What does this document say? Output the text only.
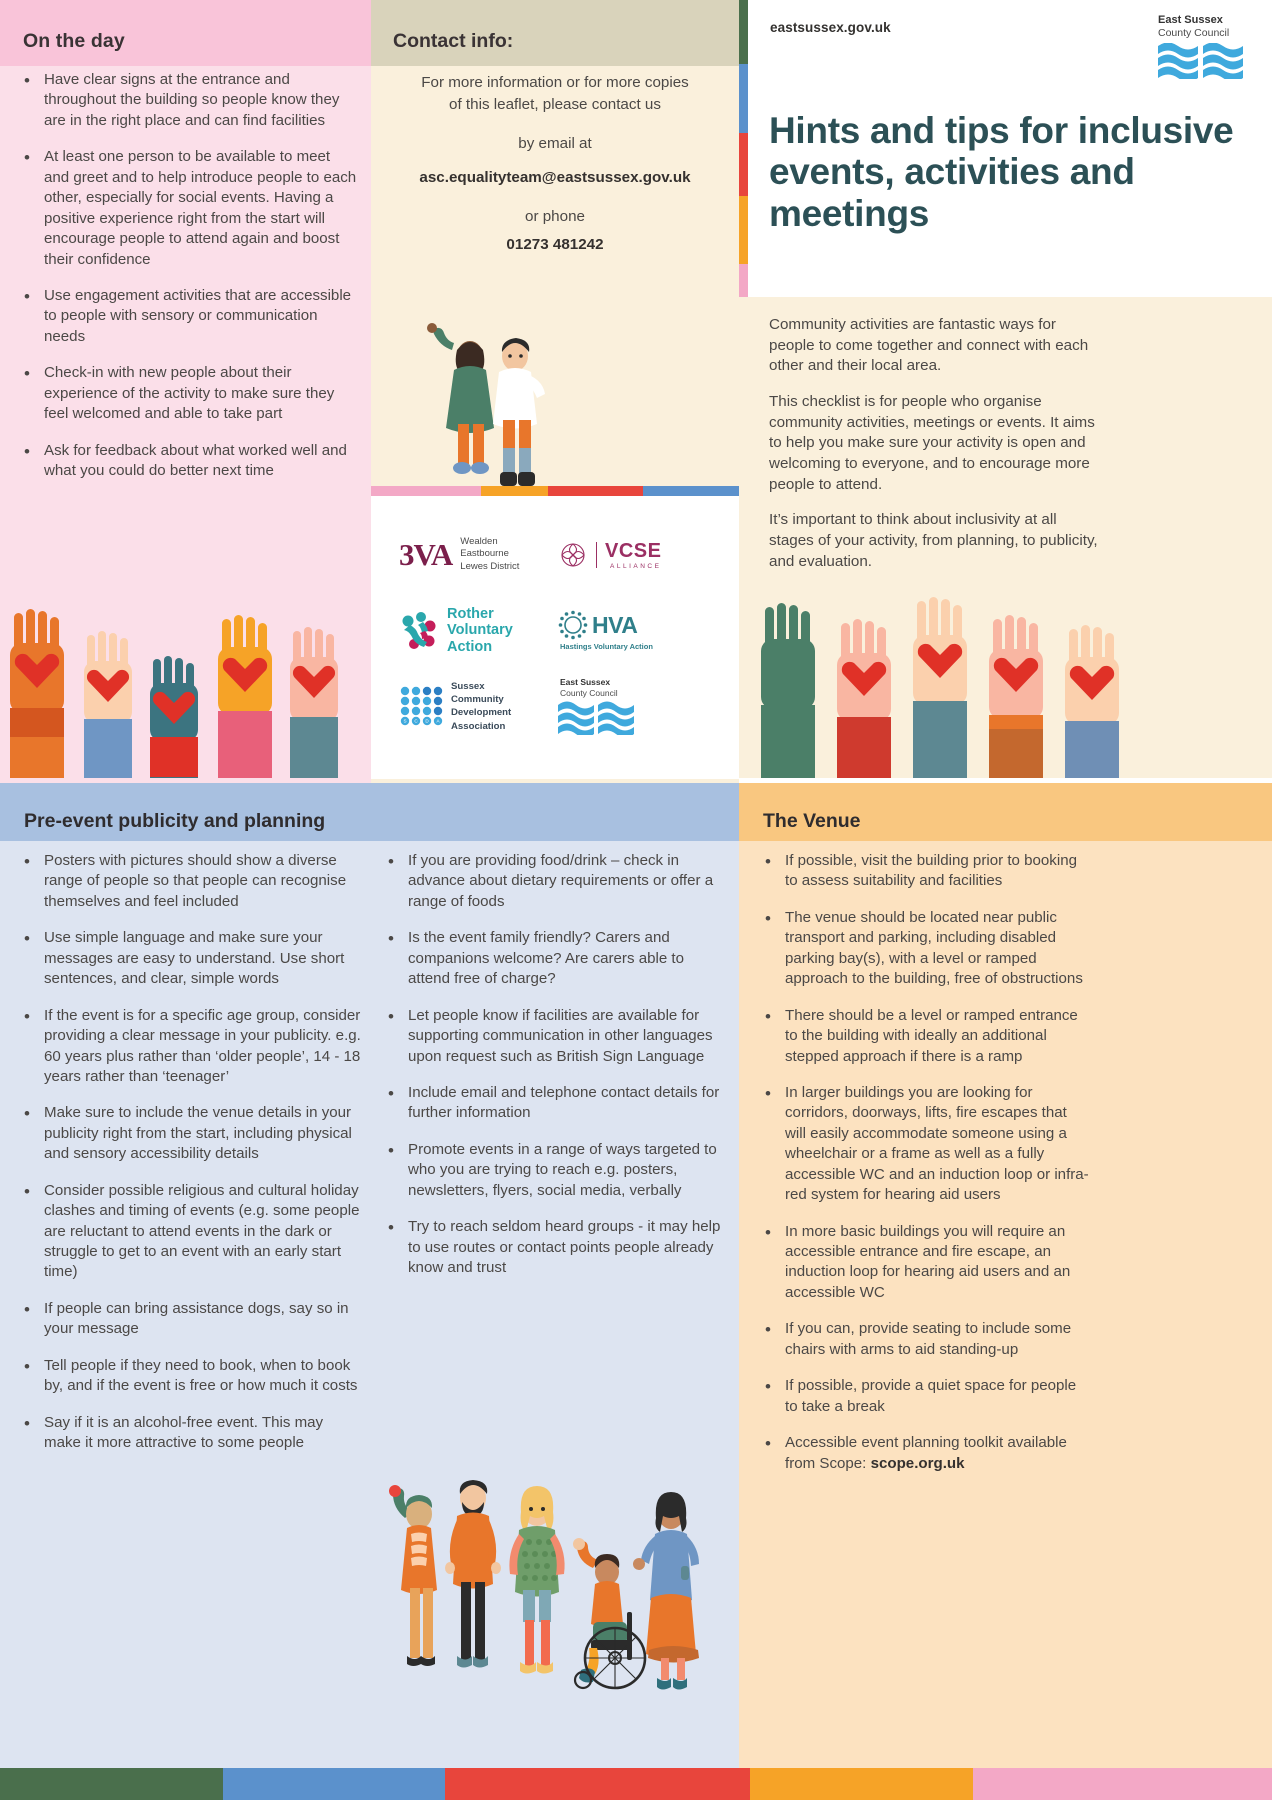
On the day
• Have clear signs at the entrance and throughout the building so people know they are in the right place and can find facilities
• At least one person to be available to meet and greet and to help introduce people to each other, especially for social events. Having a positive experience right from the start will encourage people to attend again and boost their confidence
• Use engagement activities that are accessible to people with sensory or communication needs
• Check-in with new people about their experience of the activity to make sure they feel welcomed and able to take part
• Ask for feedback about what worked well and what you could do better next time
Contact info:

For more information or for more copies

of this leaflet, please contact us

by email at

asc.equalityteam@eastsussex.gov.uk

or phone

01273 481242

3VA Wealden
Eastbourne
Lewes District
VCSE
ALLIANCE
Rother
Voluntary
Action
HVA
Hastings Voluntary Action
S C D A
Sussex
Community
Development
Association
East Sussex
County Council
eastsussex.gov.uk	East Sussex
County Council
Hints and tips for inclusive events, activities and meetings

Community activities are fantastic ways for people to come together and connect with each other and their local area.

This checklist is for people who organise community activities, meetings or events. It aims to help you make sure your activity is open and welcoming to everyone, and to encourage more people to attend.

It’s important to think about inclusivity at all stages of your activity, from planning, to publicity, and evaluation.

Pre-event publicity and planning
• Posters with pictures should show a diverse range of people so that people can recognise themselves and feel included
• Use simple language and make sure your messages are easy to understand. Use short sentences, and clear, simple words
• If the event is for a specific age group, consider providing a clear message in your publicity. e.g. 60 years plus rather than ‘older people’, 14 - 18 years rather than ‘teenager’
• Make sure to include the venue details in your publicity right from the start, including physical and sensory accessibility details
• Consider possible religious and cultural holiday clashes and timing of events (e.g. some people are reluctant to attend events in the dark or struggle to get to an event with an early start time)
• If people can bring assistance dogs, say so in your message
• Tell people if they need to book, when to book by, and if the event is free or how much it costs
• Say if it is an alcohol-free event. This may make it more attractive to some people
• If you are providing food/drink – check in advance about dietary requirements or offer a range of foods
• Is the event family friendly? Carers and companions welcome? Are carers able to attend free of charge?
• Let people know if facilities are available for supporting communication in other languages upon request such as British Sign Language
• Include email and telephone contact details for further information
• Promote events in a range of ways targeted to who you are trying to reach e.g. posters, newsletters, flyers, social media, verbally
• Try to reach seldom heard groups - it may help to use routes or contact points people already know and trust
The Venue
• If possible, visit the building prior to booking to assess suitability and facilities
• The venue should be located near public transport and parking, including disabled parking bay(s), with a level or ramped approach to the building, free of obstructions
• There should be a level or ramped entrance to the building with ideally an additional stepped approach if there is a ramp
• In larger buildings you are looking for corridors, doorways, lifts, fire escapes that will easily accommodate someone using a wheelchair or a frame as well as a fully accessible WC and an induction loop or infra-red system for hearing aid users
• In more basic buildings you will require an accessible entrance and fire escape, an induction loop for hearing aid users and an accessible WC
• If you can, provide seating to include some chairs with arms to aid standing-up
• If possible, provide a quiet space for people to take a break
• Accessible event planning toolkit available from Scope: scope.org.uk
